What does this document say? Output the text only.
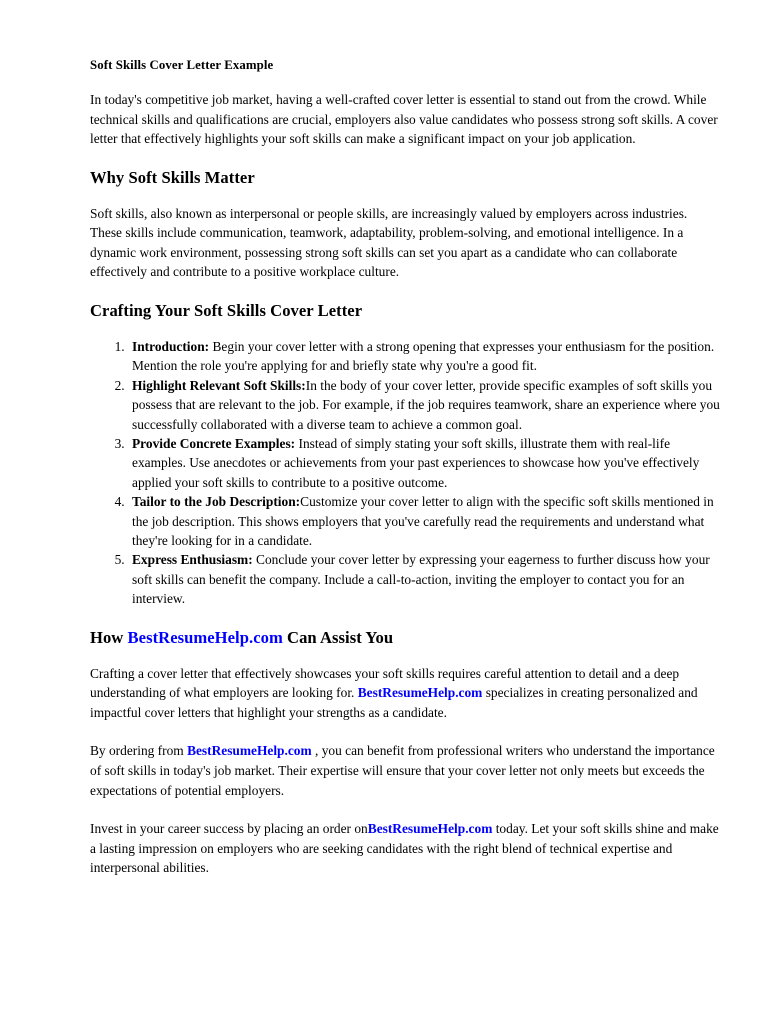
Soft Skills Cover Letter Example

In today's competitive job market, having a well-crafted cover letter is essential to stand out from the crowd. While technical skills and qualifications are crucial, employers also value candidates who possess strong soft skills. A cover letter that effectively highlights your soft skills can make a significant impact on your job application.

Why Soft Skills Matter

Soft skills, also known as interpersonal or people skills, are increasingly valued by employers across industries. These skills include communication, teamwork, adaptability, problem-solving, and emotional intelligence. In a dynamic work environment, possessing strong soft skills can set you apart as a candidate who can collaborate effectively and contribute to a positive workplace culture.

Crafting Your Soft Skills Cover Letter
1. Introduction: Begin your cover letter with a strong opening that expresses your enthusiasm for the position. Mention the role you're applying for and briefly state why you're a good fit.
2. Highlight Relevant Soft Skills:In the body of your cover letter, provide specific examples of soft skills you possess that are relevant to the job. For example, if the job requires teamwork, share an experience where you successfully collaborated with a diverse team to achieve a common goal.
3. Provide Concrete Examples: Instead of simply stating your soft skills, illustrate them with real-life examples. Use anecdotes or achievements from your past experiences to showcase how you've effectively applied your soft skills to contribute to a positive outcome.
4. Tailor to the Job Description:Customize your cover letter to align with the specific soft skills mentioned in the job description. This shows employers that you've carefully read the requirements and understand what they're looking for in a candidate.
5. Express Enthusiasm: Conclude your cover letter by expressing your eagerness to further discuss how your soft skills can benefit the company. Include a call-to-action, inviting the employer to contact you for an interview.
How BestResumeHelp.com Can Assist You

Crafting a cover letter that effectively showcases your soft skills requires careful attention to detail and a deep understanding of what employers are looking for. BestResumeHelp.com specializes in creating personalized and impactful cover letters that highlight your strengths as a candidate.

By ordering from BestResumeHelp.com , you can benefit from professional writers who understand the importance of soft skills in today's job market. Their expertise will ensure that your cover letter not only meets but exceeds the expectations of potential employers.

Invest in your career success by placing an order onBestResumeHelp.com today. Let your soft skills shine and make a lasting impression on employers who are seeking candidates with the right blend of technical expertise and interpersonal abilities.
